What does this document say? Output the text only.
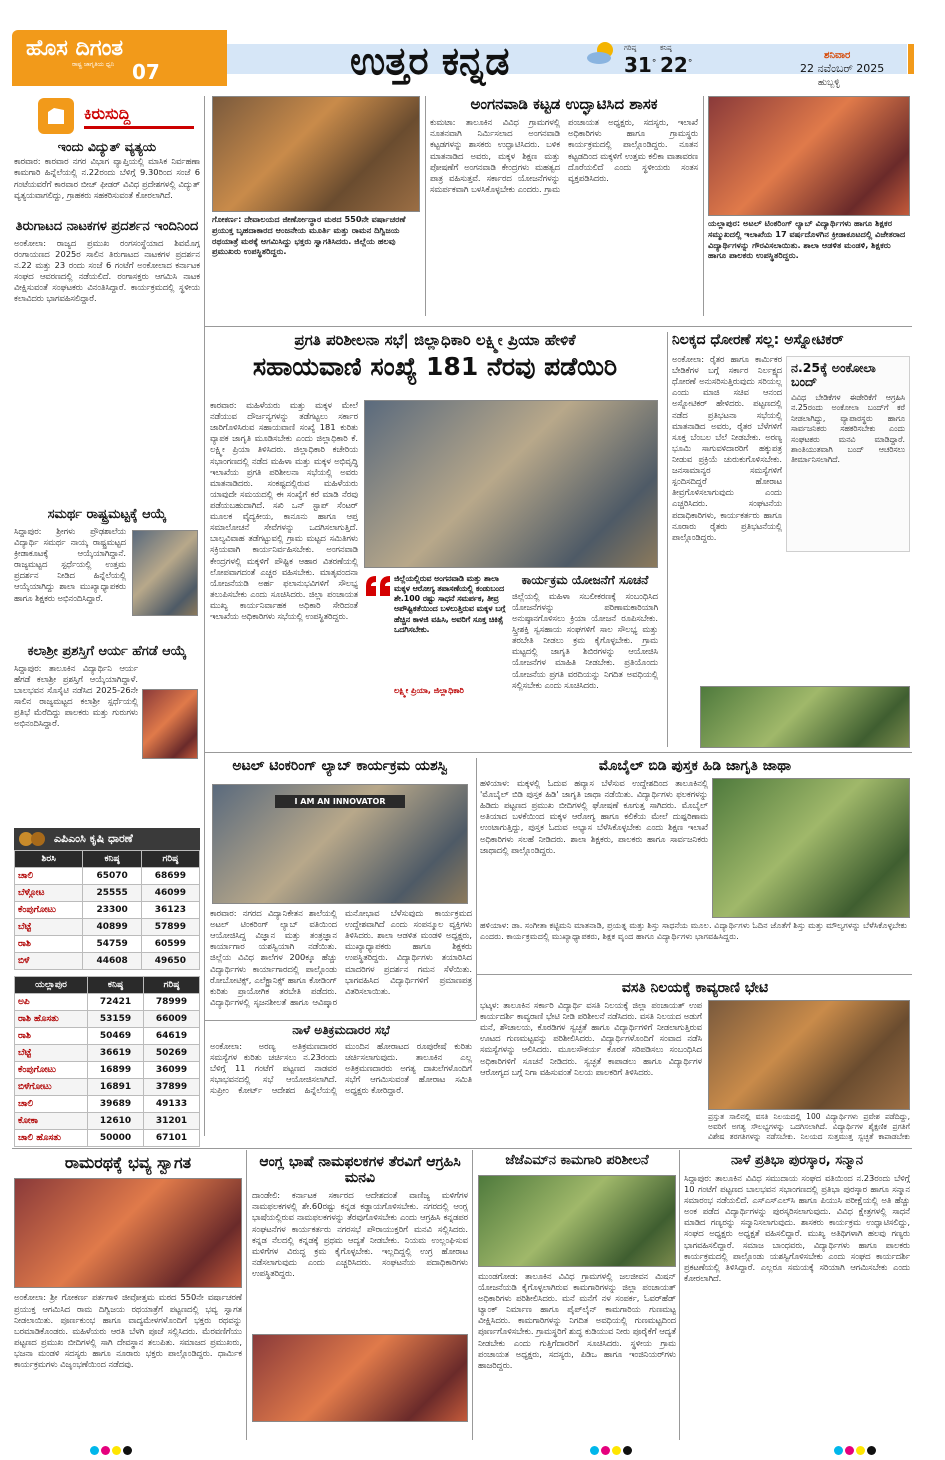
ಹೊಸ ದಿಗಂತ
ರಾಷ್ಟ್ರ ಜಾಗೃತಿಯ ಧ್ವನಿ 07	ಉತ್ತರ ಕನ್ನಡ	ಗರಿಷ್ಠ
31°
ಕನಿಷ್ಠ
22°
ಶನಿವಾರ
22 ನವೆಂಬರ್ 2025
ಹುಬ್ಬಳ್ಳಿ
ಕಿರುಸುದ್ದಿ
ಇಂದು ವಿದ್ಯುತ್ ವ್ಯತ್ಯಯ
ಕಾರವಾರ: ಕಾರವಾರ ನಗರ ವಿಭಾಗ ವ್ಯಾಪ್ತಿಯಲ್ಲಿ ಮಾಸಿಕ ನಿರ್ವಹಣಾ ಕಾಮಗಾರಿ ಹಿನ್ನೆಲೆಯಲ್ಲಿ ನ.22ರಂದು ಬೆಳಿಗ್ಗೆ 9.30ರಿಂದ ಸಂಜೆ 6 ಗಂಟೆಯವರೆಗೆ ಕಾರವಾರ ಬೀಚ್ ಫೀಡರ್ ವಿವಿಧ ಪ್ರದೇಶಗಳಲ್ಲಿ ವಿದ್ಯುತ್ ವ್ಯತ್ಯಯವಾಗಲಿದ್ದು, ಗ್ರಾಹಕರು ಸಹಕರಿಸುವಂತೆ ಕೋರಲಾಗಿದೆ.
ತಿರುಗಾಟದ ನಾಟಕಗಳ ಪ್ರದರ್ಶನ ಇಂದಿನಿಂದ
ಅಂಕೋಲಾ: ರಾಜ್ಯದ ಪ್ರಮುಖ ರಂಗಸಂಸ್ಥೆಯಾದ ಶಿವಮೊಗ್ಗ ರಂಗಾಯಣದ 2025ರ ಸಾಲಿನ ತಿರುಗಾಟದ ನಾಟಕಗಳ ಪ್ರದರ್ಶನ ನ.22 ಮತ್ತು 23 ರಂದು ಸಂಜೆ 6 ಗಂಟೆಗೆ ಅಂಕೋಲಾದ ಕರ್ನಾಟಕ ಸಂಘದ ಆವರಣದಲ್ಲಿ ನಡೆಯಲಿದೆ. ರಂಗಾಸಕ್ತರು ಆಗಮಿಸಿ ನಾಟಕ ವೀಕ್ಷಿಸುವಂತೆ ಸಂಘಟಕರು ವಿನಂತಿಸಿದ್ದಾರೆ. ಕಾರ್ಯಕ್ರಮದಲ್ಲಿ ಸ್ಥಳೀಯ ಕಲಾವಿದರು ಭಾಗವಹಿಸಲಿದ್ದಾರೆ.
ಸಮರ್ಥ ರಾಷ್ಟ್ರಮಟ್ಟಕ್ಕೆ ಆಯ್ಕೆ
ಸಿದ್ದಾಪುರ: ಶ್ರೀಗಳು ಪ್ರೌಢಶಾಲೆಯ ವಿದ್ಯಾರ್ಥಿ ಸಮರ್ಥ ನಾಯ್ಕ ರಾಷ್ಟ್ರಮಟ್ಟದ ಕ್ರೀಡಾಕೂಟಕ್ಕೆ ಆಯ್ಕೆಯಾಗಿದ್ದಾನೆ. ರಾಜ್ಯಮಟ್ಟದ ಸ್ಪರ್ಧೆಯಲ್ಲಿ ಉತ್ತಮ ಪ್ರದರ್ಶನ ನೀಡಿದ ಹಿನ್ನೆಲೆಯಲ್ಲಿ ಆಯ್ಕೆಯಾಗಿದ್ದು ಶಾಲಾ ಮುಖ್ಯಾಧ್ಯಾಪಕರು ಹಾಗೂ ಶಿಕ್ಷಕರು ಅಭಿನಂದಿಸಿದ್ದಾರೆ.
ಕಲಾಶ್ರೀ ಪ್ರಶಸ್ತಿಗೆ ಆರ್ಯ ಹೆಗಡೆ ಆಯ್ಕೆ
ಸಿದ್ದಾಪುರ: ತಾಲೂಕಿನ ವಿದ್ಯಾರ್ಥಿನಿ ಆರ್ಯ ಹೆಗಡೆ ಕಲಾಶ್ರೀ ಪ್ರಶಸ್ತಿಗೆ ಆಯ್ಕೆಯಾಗಿದ್ದಾಳೆ. ಬಾಲಭವನ ಸೊಸೈಟಿ ನಡೆಸಿದ 2025-26ನೇ ಸಾಲಿನ ರಾಜ್ಯಮಟ್ಟದ ಕಲಾಶ್ರೀ ಸ್ಪರ್ಧೆಯಲ್ಲಿ ಪ್ರತಿಭೆ ಮೆರೆದಿದ್ದು ಪಾಲಕರು ಮತ್ತು ಗುರುಗಳು ಅಭಿನಂದಿಸಿದ್ದಾರೆ.
ಎಪಿಎಂಸಿ ಕೃಷಿ ಧಾರಣೆ
ಶಿರಸಿ	ಕನಿಷ್ಠ	ಗರಿಷ್ಠ
ಚಾಲಿ	65070	68699
ಬೆಳ್ಗೋಟ	25555	46099
ಕೆಂಪುಗೋಟು	23300	36123
ಬೆಟ್ಟೆ	40899	57899
ರಾಶಿ	54759	60599
ಬಿಳೆ	44608	49650
ಯಲ್ಲಾಪುರ	ಕನಿಷ್ಠ	ಗರಿಷ್ಠ
ಅಪಿ	72421	78999
ರಾಶಿ ಹೊಸತು	53159	66009
ರಾಶಿ	50469	64619
ಬೆಟ್ಟೆ	36619	50269
ಕೆಂಪುಗೋಟು	16899	36099
ಬಿಳೆಗೋಟು	16891	37899
ಚಾಲಿ	39689	49133
ಕೋಕಾ	12610	31201
ಚಾಲಿ ಹೊಸತು	50000	67101
ಗೋಕರ್ಣ: ದೇವಾಲಯದ ಜೀರ್ಣೋದ್ಧಾರ ಮಠದ 550ನೇ ವರ್ಷಾಚರಣೆ ಪ್ರಯುಕ್ತ ಬೃಹದಾಕಾರದ ಆಂಜನೇಯ ಮೂರ್ತಿ ಮತ್ತು ರಾಮನ ದಿಗ್ವಿಜಯ ರಥಯಾತ್ರೆ ಮಠಕ್ಕೆ ಆಗಮಿಸಿದ್ದು ಭಕ್ತರು ಸ್ವಾಗತಿಸಿದರು. ಜಿಲ್ಲೆಯ ಹಲವು ಪ್ರಮುಖರು ಉಪಸ್ಥಿತರಿದ್ದರು.
ಅಂಗನವಾಡಿ ಕಟ್ಟಡ ಉದ್ಘಾಟಿಸಿದ ಶಾಸಕ
ಕುಮಟಾ: ತಾಲೂಕಿನ ವಿವಿಧ ಗ್ರಾಮಗಳಲ್ಲಿ ನೂತನವಾಗಿ ನಿರ್ಮಿಸಲಾದ ಅಂಗನವಾಡಿ ಕಟ್ಟಡಗಳನ್ನು ಶಾಸಕರು ಉದ್ಘಾಟಿಸಿದರು. ಬಳಿಕ ಮಾತನಾಡಿದ ಅವರು, ಮಕ್ಕಳ ಶಿಕ್ಷಣ ಮತ್ತು ಪೋಷಣೆಗೆ ಅಂಗನವಾಡಿ ಕೇಂದ್ರಗಳು ಮಹತ್ವದ ಪಾತ್ರ ವಹಿಸುತ್ತವೆ. ಸರ್ಕಾರದ ಯೋಜನೆಗಳನ್ನು ಸಮರ್ಪಕವಾಗಿ ಬಳಸಿಕೊಳ್ಳಬೇಕು ಎಂದರು. ಗ್ರಾಮ ಪಂಚಾಯತ ಅಧ್ಯಕ್ಷರು, ಸದಸ್ಯರು, ಇಲಾಖೆ ಅಧಿಕಾರಿಗಳು ಹಾಗೂ ಗ್ರಾಮಸ್ಥರು ಕಾರ್ಯಕ್ರಮದಲ್ಲಿ ಪಾಲ್ಗೊಂಡಿದ್ದರು. ನೂತನ ಕಟ್ಟಡದಿಂದ ಮಕ್ಕಳಿಗೆ ಉತ್ತಮ ಕಲಿಕಾ ವಾತಾವರಣ ದೊರೆಯಲಿದೆ ಎಂದು ಸ್ಥಳೀಯರು ಸಂತಸ ವ್ಯಕ್ತಪಡಿಸಿದರು.
ಯಲ್ಲಾಪುರ: ಅಟಲ್ ಟಿಂಕರಿಂಗ್ ಲ್ಯಾಬ್ ವಿದ್ಯಾರ್ಥಿಗಳು ಹಾಗೂ ಶಿಕ್ಷಕರ ಸಮ್ಮುಖದಲ್ಲಿ ಇಲಾಖೆಯ 17 ವರ್ಷದೊಳಗಿನ ಕ್ರೀಡಾಕೂಟದಲ್ಲಿ ವಿಜೇತರಾದ ವಿದ್ಯಾರ್ಥಿಗಳನ್ನು ಗೌರವಿಸಲಾಯಿತು. ಶಾಲಾ ಆಡಳಿತ ಮಂಡಳಿ, ಶಿಕ್ಷಕರು ಹಾಗೂ ಪಾಲಕರು ಉಪಸ್ಥಿತರಿದ್ದರು.
ಪ್ರಗತಿ ಪರಿಶೀಲನಾ ಸಭೆ| ಜಿಲ್ಲಾಧಿಕಾರಿ ಲಕ್ಷ್ಮೀ ಪ್ರಿಯಾ ಹೇಳಿಕೆ
ಸಹಾಯವಾಣಿ ಸಂಖ್ಯೆ 181 ನೆರವು ಪಡೆಯಿರಿ
ಕಾರವಾರ: ಮಹಿಳೆಯರು ಮತ್ತು ಮಕ್ಕಳ ಮೇಲೆ ನಡೆಯುವ ದೌರ್ಜನ್ಯಗಳನ್ನು ತಡೆಗಟ್ಟಲು ಸರ್ಕಾರ ಜಾರಿಗೊಳಿಸಿರುವ ಸಹಾಯವಾಣಿ ಸಂಖ್ಯೆ 181 ಕುರಿತು ವ್ಯಾಪಕ ಜಾಗೃತಿ ಮೂಡಿಸಬೇಕು ಎಂದು ಜಿಲ್ಲಾಧಿಕಾರಿ ಕೆ. ಲಕ್ಷ್ಮೀ ಪ್ರಿಯಾ ತಿಳಿಸಿದರು. ಜಿಲ್ಲಾಧಿಕಾರಿ ಕಚೇರಿಯ ಸಭಾಂಗಣದಲ್ಲಿ ನಡೆದ ಮಹಿಳಾ ಮತ್ತು ಮಕ್ಕಳ ಅಭಿವೃದ್ಧಿ ಇಲಾಖೆಯ ಪ್ರಗತಿ ಪರಿಶೀಲನಾ ಸಭೆಯಲ್ಲಿ ಅವರು ಮಾತನಾಡಿದರು. ಸಂಕಷ್ಟದಲ್ಲಿರುವ ಮಹಿಳೆಯರು ಯಾವುದೇ ಸಮಯದಲ್ಲಿ ಈ ಸಂಖ್ಯೆಗೆ ಕರೆ ಮಾಡಿ ನೆರವು ಪಡೆಯಬಹುದಾಗಿದೆ. ಸಖಿ ಒನ್ ಸ್ಟಾಪ್ ಸೆಂಟರ್ ಮೂಲಕ ವೈದ್ಯಕೀಯ, ಕಾನೂನು ಹಾಗೂ ಆಪ್ತ ಸಮಾಲೋಚನೆ ಸೇವೆಗಳನ್ನು ಒದಗಿಸಲಾಗುತ್ತಿದೆ. ಬಾಲ್ಯವಿವಾಹ ತಡೆಗಟ್ಟುವಲ್ಲಿ ಗ್ರಾಮ ಮಟ್ಟದ ಸಮಿತಿಗಳು ಸಕ್ರಿಯವಾಗಿ ಕಾರ್ಯನಿರ್ವಹಿಸಬೇಕು. ಅಂಗನವಾಡಿ ಕೇಂದ್ರಗಳಲ್ಲಿ ಮಕ್ಕಳಿಗೆ ಪೌಷ್ಟಿಕ ಆಹಾರ ವಿತರಣೆಯಲ್ಲಿ ಲೋಪವಾಗದಂತೆ ಎಚ್ಚರ ವಹಿಸಬೇಕು. ಮಾತೃವಂದನಾ ಯೋಜನೆಯಡಿ ಅರ್ಹ ಫಲಾನುಭವಿಗಳಿಗೆ ಸೌಲಭ್ಯ ತಲುಪಿಸಬೇಕು ಎಂದು ಸೂಚಿಸಿದರು. ಜಿಲ್ಲಾ ಪಂಚಾಯತ ಮುಖ್ಯ ಕಾರ್ಯನಿರ್ವಾಹಕ ಅಧಿಕಾರಿ ಸೇರಿದಂತೆ ಇಲಾಖೆಯ ಅಧಿಕಾರಿಗಳು ಸಭೆಯಲ್ಲಿ ಉಪಸ್ಥಿತರಿದ್ದರು.
ಜಿಲ್ಲೆಯಲ್ಲಿರುವ ಅಂಗನವಾಡಿ ಮತ್ತು ಶಾಲಾ ಮಕ್ಕಳ ಆರೋಗ್ಯ ತಪಾಸಣೆಯಲ್ಲಿ ಕಂಡುಬಂದ ಶೇ.100 ರಷ್ಟು ಸಾಧನೆ ಸಮರ್ಪಕ, ತೀವ್ರ ಅಪೌಷ್ಟಿಕತೆಯಿಂದ ಬಳಲುತ್ತಿರುವ ಮಕ್ಕಳ ಬಗ್ಗೆ ಹೆಚ್ಚಿನ ಕಾಳಜಿ ವಹಿಸಿ, ಅವರಿಗೆ ಸೂಕ್ತ ಚಿಕಿತ್ಸೆ ಒದಗಿಸಬೇಕು.
ಲಕ್ಷ್ಮೀ ಪ್ರಿಯಾ, ಜಿಲ್ಲಾಧಿಕಾರಿ
ಕಾರ್ಯಕ್ರಮ ಯೋಜನೆಗೆ ಸೂಚನೆ
ಜಿಲ್ಲೆಯಲ್ಲಿ ಮಹಿಳಾ ಸಬಲೀಕರಣಕ್ಕೆ ಸಂಬಂಧಿಸಿದ ಯೋಜನೆಗಳನ್ನು ಪರಿಣಾಮಕಾರಿಯಾಗಿ ಅನುಷ್ಠಾನಗೊಳಿಸಲು ಕ್ರಿಯಾ ಯೋಜನೆ ರೂಪಿಸಬೇಕು. ಸ್ತ್ರೀಶಕ್ತಿ ಸ್ವಸಹಾಯ ಸಂಘಗಳಿಗೆ ಸಾಲ ಸೌಲಭ್ಯ ಮತ್ತು ತರಬೇತಿ ನೀಡಲು ಕ್ರಮ ಕೈಗೊಳ್ಳಬೇಕು. ಗ್ರಾಮ ಮಟ್ಟದಲ್ಲಿ ಜಾಗೃತಿ ಶಿಬಿರಗಳನ್ನು ಆಯೋಜಿಸಿ ಯೋಜನೆಗಳ ಮಾಹಿತಿ ನೀಡಬೇಕು. ಪ್ರತಿಯೊಂದು ಯೋಜನೆಯ ಪ್ರಗತಿ ವರದಿಯನ್ನು ನಿಗದಿತ ಅವಧಿಯಲ್ಲಿ ಸಲ್ಲಿಸಬೇಕು ಎಂದು ಸೂಚಿಸಿದರು.
ನಿಲಕ್ಕದ ಧೋರಣೆ ಸಲ್ಲ: ಅಸ್ನೋಟಿಕರ್
ಅಂಕೋಲಾ: ರೈತರ ಹಾಗೂ ಕಾರ್ಮಿಕರ ಬೇಡಿಕೆಗಳ ಬಗ್ಗೆ ಸರ್ಕಾರ ನಿರ್ಲಕ್ಷ್ಯದ ಧೋರಣೆ ಅನುಸರಿಸುತ್ತಿರುವುದು ಸರಿಯಲ್ಲ ಎಂದು ಮಾಜಿ ಸಚಿವ ಆನಂದ ಅಸ್ನೋಟಿಕರ್ ಹೇಳಿದರು. ಪಟ್ಟಣದಲ್ಲಿ ನಡೆದ ಪ್ರತಿಭಟನಾ ಸಭೆಯಲ್ಲಿ ಮಾತನಾಡಿದ ಅವರು, ರೈತರ ಬೆಳೆಗಳಿಗೆ ಸೂಕ್ತ ಬೆಂಬಲ ಬೆಲೆ ನೀಡಬೇಕು. ಅರಣ್ಯ ಭೂಮಿ ಸಾಗುವಳಿದಾರರಿಗೆ ಹಕ್ಕುಪತ್ರ ನೀಡುವ ಪ್ರಕ್ರಿಯೆ ಚುರುಕುಗೊಳಿಸಬೇಕು. ಜನಸಾಮಾನ್ಯರ ಸಮಸ್ಯೆಗಳಿಗೆ ಸ್ಪಂದಿಸದಿದ್ದರೆ ಹೋರಾಟ ತೀವ್ರಗೊಳಿಸಲಾಗುವುದು ಎಂದು ಎಚ್ಚರಿಸಿದರು. ಸಂಘಟನೆಯ ಪದಾಧಿಕಾರಿಗಳು, ಕಾರ್ಯಕರ್ತರು ಹಾಗೂ ನೂರಾರು ರೈತರು ಪ್ರತಿಭಟನೆಯಲ್ಲಿ ಪಾಲ್ಗೊಂಡಿದ್ದರು.
ನ.25ಕ್ಕೆ ಅಂಕೋಲಾ ಬಂದ್
ವಿವಿಧ ಬೇಡಿಕೆಗಳ ಈಡೇರಿಕೆಗೆ ಆಗ್ರಹಿಸಿ ನ.25ರಂದು ಅಂಕೋಲಾ ಬಂದ್‌ಗೆ ಕರೆ ನೀಡಲಾಗಿದ್ದು, ವ್ಯಾಪಾರಸ್ಥರು ಹಾಗೂ ಸಾರ್ವಜನಿಕರು ಸಹಕರಿಸಬೇಕು ಎಂದು ಸಂಘಟಕರು ಮನವಿ ಮಾಡಿದ್ದಾರೆ. ಶಾಂತಿಯುತವಾಗಿ ಬಂದ್ ಆಚರಿಸಲು ತೀರ್ಮಾನಿಸಲಾಗಿದೆ.
ಅಟಲ್ ಟಿಂಕರಿಂಗ್ ಲ್ಯಾಬ್ ಕಾರ್ಯಕ್ರಮ ಯಶಸ್ವಿ
I AM AN INNOVATOR
ಕಾರವಾರ: ನಗರದ ವಿದ್ಯಾನಿಕೇತನ ಶಾಲೆಯಲ್ಲಿ ಅಟಲ್ ಟಿಂಕರಿಂಗ್ ಲ್ಯಾಬ್ ವತಿಯಿಂದ ಆಯೋಜಿಸಿದ್ದ ವಿಜ್ಞಾನ ಮತ್ತು ತಂತ್ರಜ್ಞಾನ ಕಾರ್ಯಾಗಾರ ಯಶಸ್ವಿಯಾಗಿ ನಡೆಯಿತು. ಜಿಲ್ಲೆಯ ವಿವಿಧ ಶಾಲೆಗಳ 200ಕ್ಕೂ ಹೆಚ್ಚು ವಿದ್ಯಾರ್ಥಿಗಳು ಕಾರ್ಯಾಗಾರದಲ್ಲಿ ಪಾಲ್ಗೊಂಡು ರೋಬೋಟಿಕ್ಸ್, ಎಲೆಕ್ಟ್ರಾನಿಕ್ಸ್ ಹಾಗೂ ಕೋಡಿಂಗ್ ಕುರಿತು ಪ್ರಾಯೋಗಿಕ ತರಬೇತಿ ಪಡೆದರು. ವಿದ್ಯಾರ್ಥಿಗಳಲ್ಲಿ ಸೃಜನಶೀಲತೆ ಹಾಗೂ ಆವಿಷ್ಕಾರ ಮನೋಭಾವ ಬೆಳೆಸುವುದು ಕಾರ್ಯಕ್ರಮದ ಉದ್ದೇಶವಾಗಿದೆ ಎಂದು ಸಂಪನ್ಮೂಲ ವ್ಯಕ್ತಿಗಳು ತಿಳಿಸಿದರು. ಶಾಲಾ ಆಡಳಿತ ಮಂಡಳಿ ಅಧ್ಯಕ್ಷರು, ಮುಖ್ಯಾಧ್ಯಾಪಕರು ಹಾಗೂ ಶಿಕ್ಷಕರು ಉಪಸ್ಥಿತರಿದ್ದರು. ವಿದ್ಯಾರ್ಥಿಗಳು ತಯಾರಿಸಿದ ಮಾದರಿಗಳ ಪ್ರದರ್ಶನ ಗಮನ ಸೆಳೆಯಿತು. ಭಾಗವಹಿಸಿದ ವಿದ್ಯಾರ್ಥಿಗಳಿಗೆ ಪ್ರಮಾಣಪತ್ರ ವಿತರಿಸಲಾಯಿತು.
ಮೊಬೈಲ್ ಬಿಡಿ ಪುಸ್ತಕ ಹಿಡಿ ಜಾಗೃತಿ ಜಾಥಾ
ಹಳಿಯಾಳ: ಮಕ್ಕಳಲ್ಲಿ ಓದುವ ಹವ್ಯಾಸ ಬೆಳೆಸುವ ಉದ್ದೇಶದಿಂದ ತಾಲೂಕಿನಲ್ಲಿ 'ಮೊಬೈಲ್ ಬಿಡಿ ಪುಸ್ತಕ ಹಿಡಿ' ಜಾಗೃತಿ ಜಾಥಾ ನಡೆಯಿತು. ವಿದ್ಯಾರ್ಥಿಗಳು ಫಲಕಗಳನ್ನು ಹಿಡಿದು ಪಟ್ಟಣದ ಪ್ರಮುಖ ಬೀದಿಗಳಲ್ಲಿ ಘೋಷಣೆ ಕೂಗುತ್ತ ಸಾಗಿದರು. ಮೊಬೈಲ್ ಅತಿಯಾದ ಬಳಕೆಯಿಂದ ಮಕ್ಕಳ ಆರೋಗ್ಯ ಹಾಗೂ ಕಲಿಕೆಯ ಮೇಲೆ ದುಷ್ಪರಿಣಾಮ ಉಂಟಾಗುತ್ತಿದ್ದು, ಪುಸ್ತಕ ಓದುವ ಅಭ್ಯಾಸ ಬೆಳೆಸಿಕೊಳ್ಳಬೇಕು ಎಂದು ಶಿಕ್ಷಣ ಇಲಾಖೆ ಅಧಿಕಾರಿಗಳು ಸಲಹೆ ನೀಡಿದರು. ಶಾಲಾ ಶಿಕ್ಷಕರು, ಪಾಲಕರು ಹಾಗೂ ಸಾರ್ವಜನಿಕರು ಜಾಥಾದಲ್ಲಿ ಪಾಲ್ಗೊಂಡಿದ್ದರು.
ಹಳಿಯಾಳ: ಡಾ. ಸಂಗೀತಾ ಕಟ್ಟಿಮನಿ ಮಾತನಾಡಿ, ಪ್ರಯತ್ನ ಮತ್ತು ಶಿಸ್ತು ಸಾಧನೆಯ ಮೂಲ. ವಿದ್ಯಾರ್ಥಿಗಳು ಓದಿನ ಜೊತೆಗೆ ಶಿಸ್ತು ಮತ್ತು ಮೌಲ್ಯಗಳನ್ನು ಬೆಳೆಸಿಕೊಳ್ಳಬೇಕು ಎಂದರು. ಕಾರ್ಯಕ್ರಮದಲ್ಲಿ ಮುಖ್ಯಾಧ್ಯಾಪಕರು, ಶಿಕ್ಷಕ ವೃಂದ ಹಾಗೂ ವಿದ್ಯಾರ್ಥಿಗಳು ಭಾಗವಹಿಸಿದ್ದರು.
ವಸತಿ ನಿಲಯಕ್ಕೆ ಕಾವ್ಯರಾಣಿ ಭೇಟಿ
ಭಟ್ಕಳ: ತಾಲೂಕಿನ ಸರ್ಕಾರಿ ವಿದ್ಯಾರ್ಥಿ ವಸತಿ ನಿಲಯಕ್ಕೆ ಜಿಲ್ಲಾ ಪಂಚಾಯತ್ ಉಪ ಕಾರ್ಯದರ್ಶಿ ಕಾವ್ಯರಾಣಿ ಭೇಟಿ ನೀಡಿ ಪರಿಶೀಲನೆ ನಡೆಸಿದರು. ವಸತಿ ನಿಲಯದ ಅಡುಗೆ ಮನೆ, ಶೌಚಾಲಯ, ಕೊಠಡಿಗಳ ಸ್ವಚ್ಛತೆ ಹಾಗೂ ವಿದ್ಯಾರ್ಥಿಗಳಿಗೆ ನೀಡಲಾಗುತ್ತಿರುವ ಊಟದ ಗುಣಮಟ್ಟವನ್ನು ಪರಿಶೀಲಿಸಿದರು. ವಿದ್ಯಾರ್ಥಿಗಳೊಂದಿಗೆ ಸಂವಾದ ನಡೆಸಿ ಸಮಸ್ಯೆಗಳನ್ನು ಆಲಿಸಿದರು. ಮೂಲಸೌಕರ್ಯ ಕೊರತೆ ಸರಿಪಡಿಸಲು ಸಂಬಂಧಿಸಿದ ಅಧಿಕಾರಿಗಳಿಗೆ ಸೂಚನೆ ನೀಡಿದರು. ಸ್ವಚ್ಛತೆ ಕಾಪಾಡಲು ಹಾಗೂ ವಿದ್ಯಾರ್ಥಿಗಳ ಆರೋಗ್ಯದ ಬಗ್ಗೆ ನಿಗಾ ವಹಿಸುವಂತೆ ನಿಲಯ ಪಾಲಕರಿಗೆ ತಿಳಿಸಿದರು.
ಪ್ರಸ್ತುತ ಸಾಲಿನಲ್ಲಿ ವಸತಿ ನಿಲಯದಲ್ಲಿ 100 ವಿದ್ಯಾರ್ಥಿಗಳು ಪ್ರವೇಶ ಪಡೆದಿದ್ದು, ಅವರಿಗೆ ಅಗತ್ಯ ಸೌಲಭ್ಯಗಳನ್ನು ಒದಗಿಸಲಾಗಿದೆ. ವಿದ್ಯಾರ್ಥಿಗಳ ಶೈಕ್ಷಣಿಕ ಪ್ರಗತಿಗೆ ವಿಶೇಷ ತರಗತಿಗಳನ್ನು ನಡೆಸಬೇಕು. ನಿಲಯದ ಸುತ್ತಮುತ್ತ ಸ್ವಚ್ಛತೆ ಕಾಪಾಡಬೇಕು
ನಾಳೆ ಅತಿಕ್ರಮದಾರರ ಸಭೆ
ಅಂಕೋಲಾ: ಅರಣ್ಯ ಅತಿಕ್ರಮಣದಾರರ ಸಮಸ್ಯೆಗಳ ಕುರಿತು ಚರ್ಚಿಸಲು ನ.23ರಂದು ಬೆಳಿಗ್ಗೆ 11 ಗಂಟೆಗೆ ಪಟ್ಟಣದ ನಾಡವರ ಸಭಾಭವನದಲ್ಲಿ ಸಭೆ ಆಯೋಜಿಸಲಾಗಿದೆ. ಸುಪ್ರೀಂ ಕೋರ್ಟ್ ಆದೇಶದ ಹಿನ್ನೆಲೆಯಲ್ಲಿ ಮುಂದಿನ ಹೋರಾಟದ ರೂಪುರೇಷೆ ಕುರಿತು ಚರ್ಚಿಸಲಾಗುವುದು. ತಾಲೂಕಿನ ಎಲ್ಲ ಅತಿಕ್ರಮಣದಾರರು ಅಗತ್ಯ ದಾಖಲೆಗಳೊಂದಿಗೆ ಸಭೆಗೆ ಆಗಮಿಸುವಂತೆ ಹೋರಾಟ ಸಮಿತಿ ಅಧ್ಯಕ್ಷರು ಕೋರಿದ್ದಾರೆ.
ರಾಮರಥಕ್ಕೆ ಭವ್ಯ ಸ್ವಾಗತ
ಅಂಕೋಲಾ: ಶ್ರೀ ಗೋಕರ್ಣ ಪರ್ತಗಾಳಿ ಜೀವೋತ್ತಮ ಮಠದ 550ನೇ ವರ್ಷಾಚರಣೆ ಪ್ರಯುಕ್ತ ಆಗಮಿಸಿದ ರಾಮ ದಿಗ್ವಿಜಯ ರಥಯಾತ್ರೆಗೆ ಪಟ್ಟಣದಲ್ಲಿ ಭವ್ಯ ಸ್ವಾಗತ ನೀಡಲಾಯಿತು. ಪೂರ್ಣಕುಂಭ ಹಾಗೂ ವಾದ್ಯಮೇಳಗಳೊಂದಿಗೆ ಭಕ್ತರು ರಥವನ್ನು ಬರಮಾಡಿಕೊಂಡರು. ಮಹಿಳೆಯರು ಆರತಿ ಬೆಳಗಿ ಪೂಜೆ ಸಲ್ಲಿಸಿದರು. ಮೆರವಣಿಗೆಯು ಪಟ್ಟಣದ ಪ್ರಮುಖ ಬೀದಿಗಳಲ್ಲಿ ಸಾಗಿ ದೇವಸ್ಥಾನ ತಲುಪಿತು. ಸಮಾಜದ ಪ್ರಮುಖರು, ಭಜನಾ ಮಂಡಳಿ ಸದಸ್ಯರು ಹಾಗೂ ನೂರಾರು ಭಕ್ತರು ಪಾಲ್ಗೊಂಡಿದ್ದರು. ಧಾರ್ಮಿಕ ಕಾರ್ಯಕ್ರಮಗಳು ವಿಜೃಂಭಣೆಯಿಂದ ನಡೆದವು.
ಆಂಗ್ಲ ಭಾಷೆ ನಾಮಫಲಕಗಳ ತೆರವಿಗೆ ಆಗ್ರಹಿಸಿ ಮನವಿ
ದಾಂಡೇಲಿ: ಕರ್ನಾಟಕ ಸರ್ಕಾರದ ಆದೇಶದಂತೆ ವಾಣಿಜ್ಯ ಮಳಿಗೆಗಳ ನಾಮಫಲಕಗಳಲ್ಲಿ ಶೇ.60ರಷ್ಟು ಕನ್ನಡ ಕಡ್ಡಾಯಗೊಳಿಸಬೇಕು. ನಗರದಲ್ಲಿ ಆಂಗ್ಲ ಭಾಷೆಯಲ್ಲಿರುವ ನಾಮಫಲಕಗಳನ್ನು ತೆರವುಗೊಳಿಸಬೇಕು ಎಂದು ಆಗ್ರಹಿಸಿ ಕನ್ನಡಪರ ಸಂಘಟನೆಗಳ ಕಾರ್ಯಕರ್ತರು ನಗರಸಭೆ ಪೌರಾಯುಕ್ತರಿಗೆ ಮನವಿ ಸಲ್ಲಿಸಿದರು. ಕನ್ನಡ ನೆಲದಲ್ಲಿ ಕನ್ನಡಕ್ಕೆ ಪ್ರಥಮ ಆದ್ಯತೆ ನೀಡಬೇಕು. ನಿಯಮ ಉಲ್ಲಂಘಿಸುವ ಮಳಿಗೆಗಳ ವಿರುದ್ಧ ಕ್ರಮ ಕೈಗೊಳ್ಳಬೇಕು. ಇಲ್ಲದಿದ್ದಲ್ಲಿ ಉಗ್ರ ಹೋರಾಟ ನಡೆಸಲಾಗುವುದು ಎಂದು ಎಚ್ಚರಿಸಿದರು. ಸಂಘಟನೆಯ ಪದಾಧಿಕಾರಿಗಳು ಉಪಸ್ಥಿತರಿದ್ದರು.
ಜೆಜೆಎಮ್‌ನ ಕಾಮಗಾರಿ ಪರಿಶೀಲನೆ
ಮುಂಡಗೋಡ: ತಾಲೂಕಿನ ವಿವಿಧ ಗ್ರಾಮಗಳಲ್ಲಿ ಜಲಜೀವನ ಮಿಷನ್ ಯೋಜನೆಯಡಿ ಕೈಗೊಳ್ಳಲಾಗಿರುವ ಕಾಮಗಾರಿಗಳನ್ನು ಜಿಲ್ಲಾ ಪಂಚಾಯತ್ ಅಧಿಕಾರಿಗಳು ಪರಿಶೀಲಿಸಿದರು. ಮನೆ ಮನೆಗೆ ನಳ ಸಂಪರ್ಕ, ಓವರ್‌ಹೆಡ್ ಟ್ಯಾಂಕ್ ನಿರ್ಮಾಣ ಹಾಗೂ ಪೈಪ್‌ಲೈನ್ ಕಾಮಗಾರಿಯ ಗುಣಮಟ್ಟ ವೀಕ್ಷಿಸಿದರು. ಕಾಮಗಾರಿಗಳನ್ನು ನಿಗದಿತ ಅವಧಿಯಲ್ಲಿ ಗುಣಮಟ್ಟದಿಂದ ಪೂರ್ಣಗೊಳಿಸಬೇಕು. ಗ್ರಾಮಸ್ಥರಿಗೆ ಶುದ್ಧ ಕುಡಿಯುವ ನೀರು ಪೂರೈಕೆಗೆ ಆದ್ಯತೆ ನೀಡಬೇಕು ಎಂದು ಗುತ್ತಿಗೆದಾರರಿಗೆ ಸೂಚಿಸಿದರು. ಸ್ಥಳೀಯ ಗ್ರಾಮ ಪಂಚಾಯತ ಅಧ್ಯಕ್ಷರು, ಸದಸ್ಯರು, ಪಿಡಿಒ ಹಾಗೂ ಇಂಜಿನಿಯರ್‌ಗಳು ಹಾಜರಿದ್ದರು.
ನಾಳೆ ಪ್ರತಿಭಾ ಪುರಸ್ಕಾರ, ಸನ್ಮಾನ
ಸಿದ್ದಾಪುರ: ತಾಲೂಕಿನ ವಿವಿಧ ಸಮುದಾಯ ಸಂಘದ ವತಿಯಿಂದ ನ.23ರಂದು ಬೆಳಿಗ್ಗೆ 10 ಗಂಟೆಗೆ ಪಟ್ಟಣದ ಬಾಲಭವನ ಸಭಾಂಗಣದಲ್ಲಿ ಪ್ರತಿಭಾ ಪುರಸ್ಕಾರ ಹಾಗೂ ಸನ್ಮಾನ ಸಮಾರಂಭ ನಡೆಯಲಿದೆ. ಎಸ್‌ಎಸ್‌ಎಲ್‌ಸಿ ಹಾಗೂ ಪಿಯುಸಿ ಪರೀಕ್ಷೆಯಲ್ಲಿ ಅತಿ ಹೆಚ್ಚು ಅಂಕ ಪಡೆದ ವಿದ್ಯಾರ್ಥಿಗಳನ್ನು ಪುರಸ್ಕರಿಸಲಾಗುವುದು. ವಿವಿಧ ಕ್ಷೇತ್ರಗಳಲ್ಲಿ ಸಾಧನೆ ಮಾಡಿದ ಗಣ್ಯರನ್ನು ಸನ್ಮಾನಿಸಲಾಗುವುದು. ಶಾಸಕರು ಕಾರ್ಯಕ್ರಮ ಉದ್ಘಾಟಿಸಲಿದ್ದು, ಸಂಘದ ಅಧ್ಯಕ್ಷರು ಅಧ್ಯಕ್ಷತೆ ವಹಿಸಲಿದ್ದಾರೆ. ಮುಖ್ಯ ಅತಿಥಿಗಳಾಗಿ ಹಲವು ಗಣ್ಯರು ಭಾಗವಹಿಸಲಿದ್ದಾರೆ. ಸಮಾಜ ಬಾಂಧವರು, ವಿದ್ಯಾರ್ಥಿಗಳು ಹಾಗೂ ಪಾಲಕರು ಕಾರ್ಯಕ್ರಮದಲ್ಲಿ ಪಾಲ್ಗೊಂಡು ಯಶಸ್ವಿಗೊಳಿಸಬೇಕು ಎಂದು ಸಂಘದ ಕಾರ್ಯದರ್ಶಿ ಪ್ರಕಟಣೆಯಲ್ಲಿ ತಿಳಿಸಿದ್ದಾರೆ. ಎಲ್ಲರೂ ಸಮಯಕ್ಕೆ ಸರಿಯಾಗಿ ಆಗಮಿಸಬೇಕು ಎಂದು ಕೋರಲಾಗಿದೆ.
